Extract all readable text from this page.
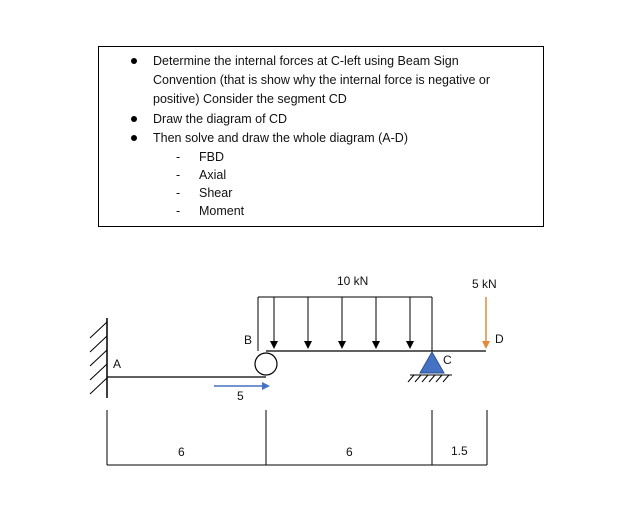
Determine the internal forces at C-left using Beam Sign
Convention (that is show why the internal force is negative or
positive) Consider the segment CD
Draw the diagram of CD
Then solve and draw the whole diagram (A-D)
- FBD
- Axial
- Shear
- Moment
A
B
C
D
10 kN	5 kN
5
6	6	1.5
